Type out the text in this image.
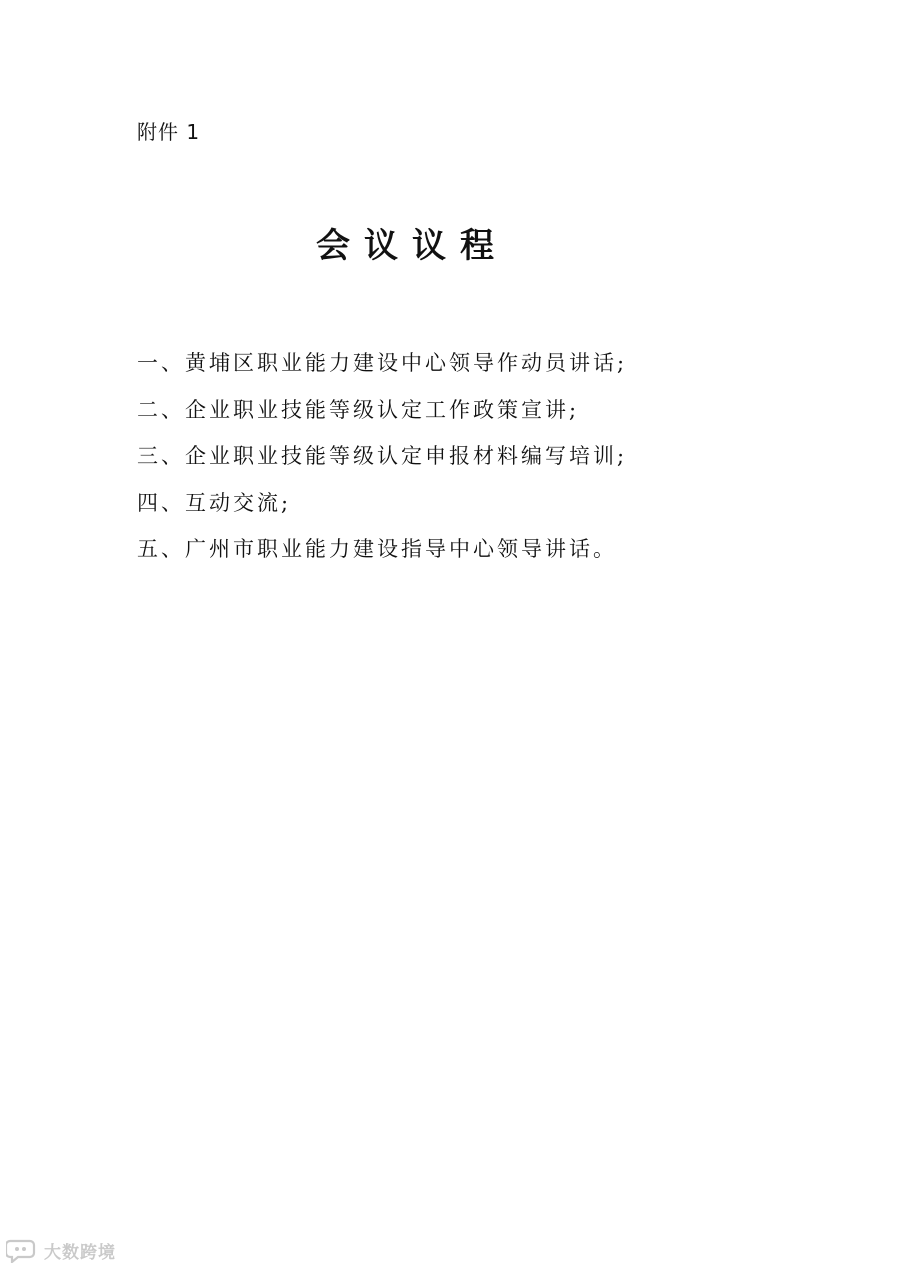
附件 1

会议议程
一、黄埔区职业能力建设中心领导作动员讲话;
二、企业职业技能等级认定工作政策宣讲;
三、企业职业技能等级认定申报材料编写培训;
四、互动交流;
五、广州市职业能力建设指导中心领导讲话。
大数跨境
